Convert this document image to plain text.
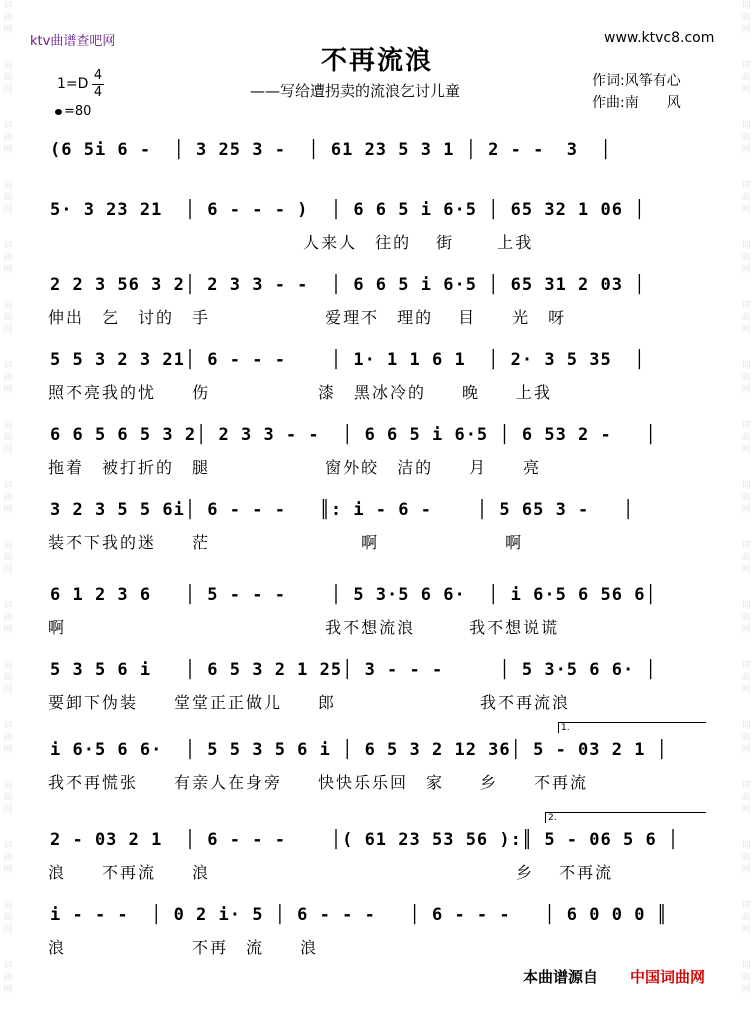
词曲网
词曲网
词曲网
词曲网
词曲网
词曲网
词曲网
词曲网
词曲网
词曲网
词曲网
词曲网
词曲网
词曲网
词曲网
词曲网
词曲网
词曲网
词曲网
词曲网
词曲网
词曲网
词曲网
词曲网
词曲网
词曲网
词曲网
词曲网
词曲网
词曲网
词曲网
词曲网
词曲网
词曲网
ktv曲谱查吧网	www.ktvc8.com
不再流浪
——写给遭拐卖的流浪乞讨儿童
1=D
4
4
=80
作词:风筝有心
作曲:南　　风
(6 5i 6 -  │ 3 25 3 -  │ 61 23 5 3 1 │ 2 - -  3  │
5· 3 23 21  │ 6 - - - )  │ 6 6 5 i 6·5 │ 65 32 1 06 │
人来人　往的　 街　　 上我
2 2 3 56 3 2│ 2 3 3 - -  │ 6 6 5 i 6·5 │ 65 31 2 03 │
伸出　乞　讨的　手　　　　　　 爱理不　理的　 目　　光　呀
5 5 3 2 3 21│ 6 - - -    │ 1· 1 1 6 1  │ 2· 3 5 35  │
照不亮我的忧　　伤　　　　　　漆　黑冰冷的　　晚　　上我
6 6 5 6 5 3 2│ 2 3 3 - -  │ 6 6 5 i 6·5 │ 6 53 2 -   │
拖着　被打折的　腿　　　　　　 窗外皎　洁的　　月　　亮
3 2 3 5 5 6i│ 6 - - -   ║: i - 6 -    │ 5 65 3 -   │
装不下我的迷　　茫　　　　　　　　 啊　　　　　　　啊
6 1 2 3 6   │ 5 - - -    │ 5 3·5 6 6·  │ i 6·5 6 56 6│
啊　　　　　　　　　　　　　　 我不想流浪　　　我不想说谎
5 3 5 6 i   │ 6 5 3 2 1 25│ 3 - - -     │ 5 3·5 6 6· │
要卸下伪装　　堂堂正正做儿　　郎　　　　　　　　我不再流浪
i 6·5 6 6·  │ 5 5 3 5 6 i │ 6 5 3 2 12 36│ 5 - 03 2 1 │
我不再慌张　　有亲人在身旁　　快快乐乐回　家　　乡　　不再流
2 - 03 2 1  │ 6 - - -    │( 61 23 53 56 ):║ 5 - 06 5 6 │
浪　　不再流　　浪　　　　　　　　　　　　　　　　　乡　 不再流
i - - -  │ 0 2 i· 5 │ 6 - - -   │ 6 - - -   │ 6 0 0 0 ║
浪　　　　　　　不再　流　　浪
1.
2.
本曲谱源自 中国词曲网
